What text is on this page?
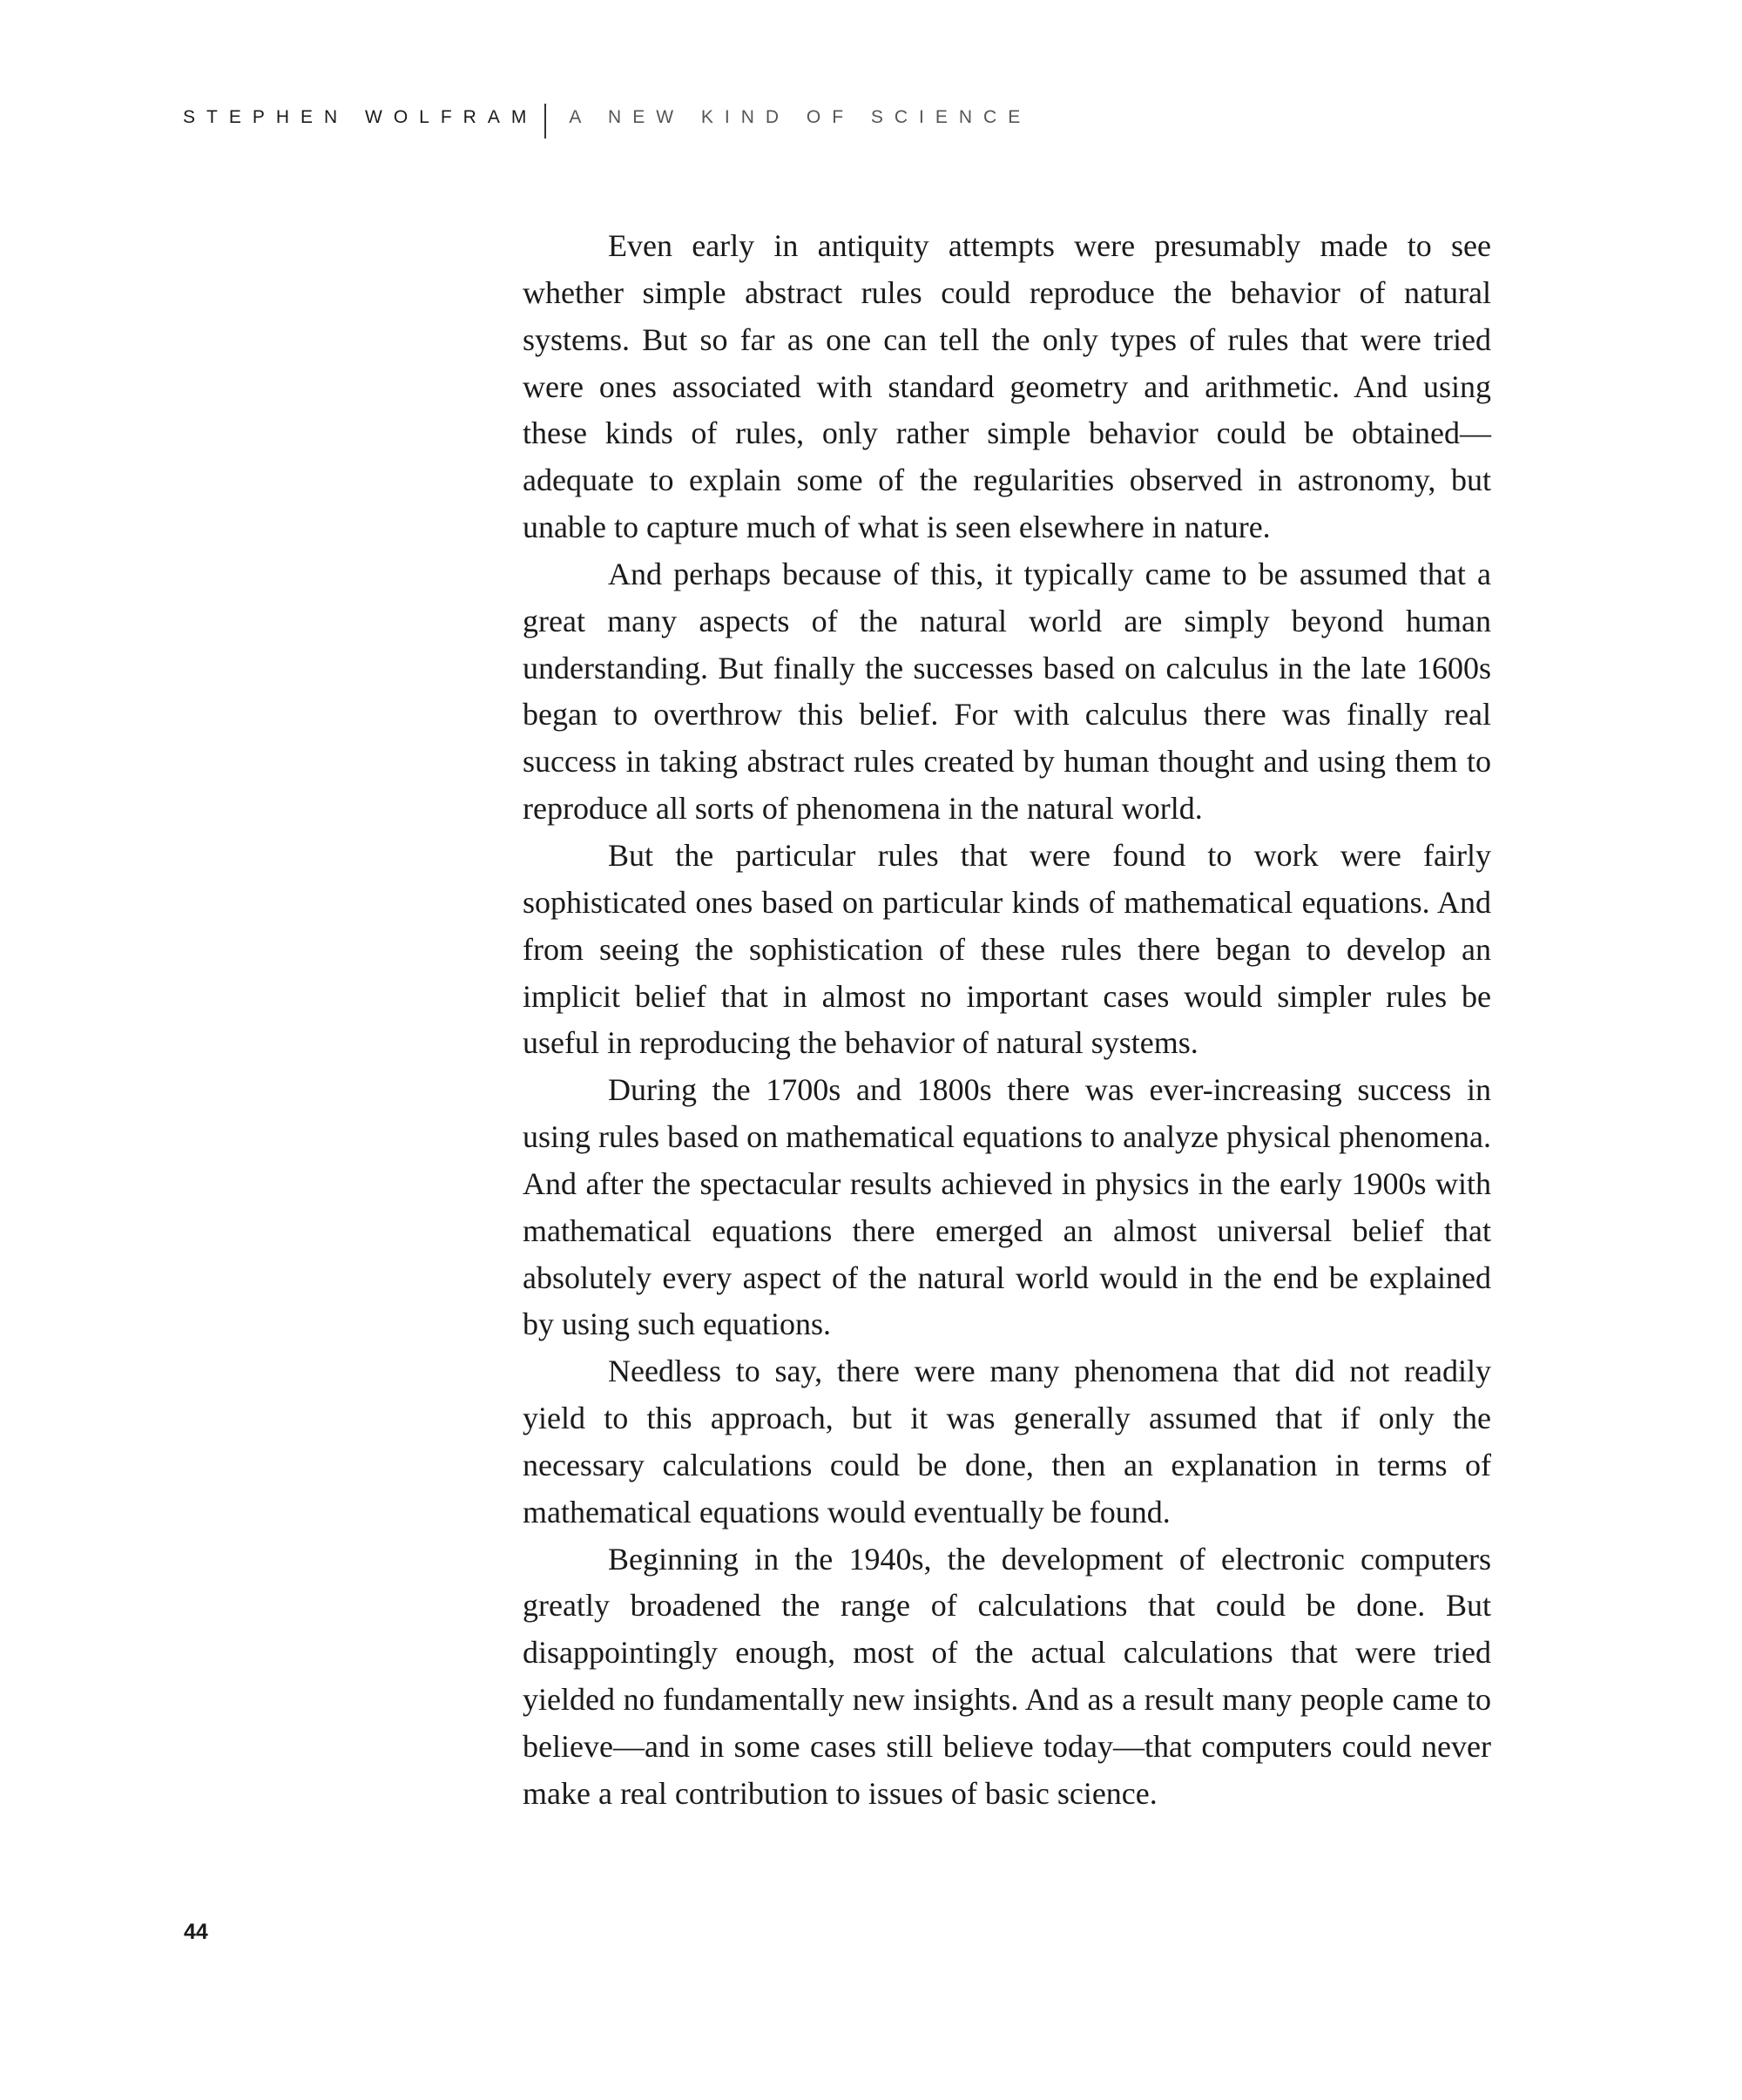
STEPHEN WOLFRAM A NEW KIND OF SCIENCE

Even early in antiquity attempts were presumably made to see whether simple abstract rules could reproduce the behavior of natural systems. But so far as one can tell the only types of rules that were tried were ones associated with standard geometry and arithmetic. And using these kinds of rules, only rather simple behavior could be obtained— adequate to explain some of the regularities observed in astronomy, but unable to capture much of what is seen elsewhere in nature.

And perhaps because of this, it typically came to be assumed that a great many aspects of the natural world are simply beyond human understanding. But finally the successes based on calculus in the late 1600s began to overthrow this belief. For with calculus there was finally real success in taking abstract rules created by human thought and using them to reproduce all sorts of phenomena in the natural world.

But the particular rules that were found to work were fairly sophisticated ones based on particular kinds of mathematical equations. And from seeing the sophistication of these rules there began to develop an implicit belief that in almost no important cases would simpler rules be useful in reproducing the behavior of natural systems.

During the 1700s and 1800s there was ever-increasing success in using rules based on mathematical equations to analyze physical phenomena. And after the spectacular results achieved in physics in the early 1900s with mathematical equations there emerged an almost universal belief that absolutely every aspect of the natural world would in the end be explained by using such equations.

Needless to say, there were many phenomena that did not readily yield to this approach, but it was generally assumed that if only the necessary calculations could be done, then an explanation in terms of mathematical equations would eventually be found.

Beginning in the 1940s, the development of electronic computers greatly broadened the range of calculations that could be done. But disappointingly enough, most of the actual calculations that were tried yielded no fundamentally new insights. And as a result many people came to believe—and in some cases still believe today—that computers could never make a real contribution to issues of basic science.

44
